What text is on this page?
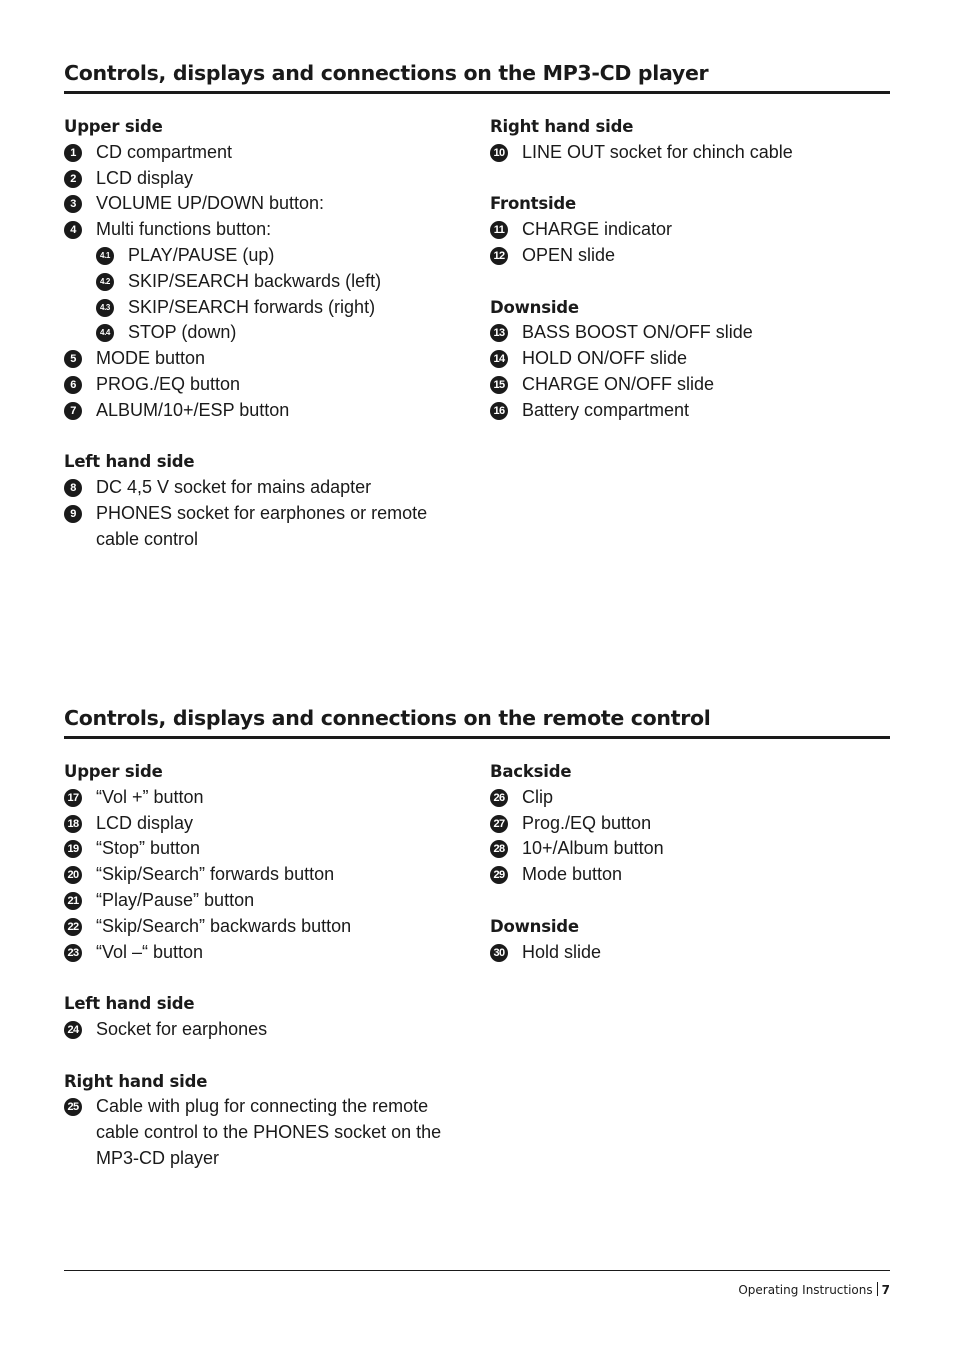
Controls, displays and connections on the MP3-CD player
Upper side
1	CD compartment
2	LCD display
3	VOLUME UP/DOWN button:
4	Multi functions button:
4.1 PLAY/PAUSE (up)
4.2 SKIP/SEARCH backwards (left)
4.3 SKIP/SEARCH forwards (right)
4.4 STOP (down)
5	MODE button
6	PROG./EQ button
7	ALBUM/10+/ESP button
Left hand side
8	DC 4,5 V socket for mains adapter
9	PHONES socket for earphones or remote cable control
Right hand side
10 LINE OUT socket for chinch cable
Frontside
11 CHARGE indicator
12 OPEN slide
Downside
13 BASS BOOST ON/OFF slide
14 HOLD ON/OFF slide
15 CHARGE ON/OFF slide
16 Battery compartment
Controls, displays and connections on the remote control
Upper side
17 “Vol +” button
18 LCD display
19 “Stop” button
20 “Skip/Search” forwards button
21 “Play/Pause” button
22 “Skip/Search” backwards button
23 “Vol –“ button
Left hand side
24 Socket for earphones
Right hand side
25 Cable with plug for connecting the remote cable control to the PHONES socket on the MP3-CD player
Backside
26 Clip
27 Prog./EQ button
28 10+/Album button
29 Mode button
Downside
30 Hold slide
Operating Instructions 7
